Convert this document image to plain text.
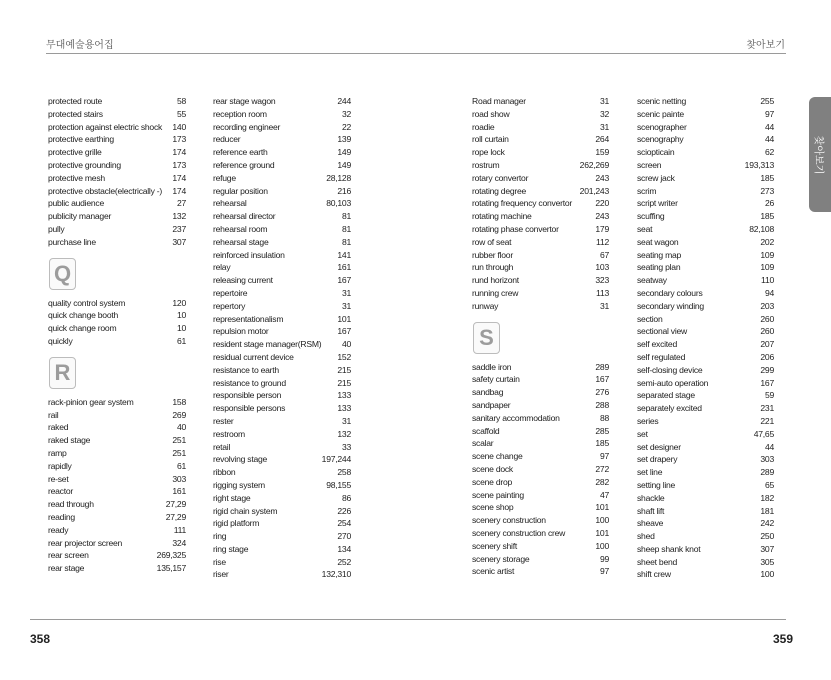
무대예술용어집	찾아보기
protected route	58
protected stairs	55
protection against electric shock 140
protective earthing	173
protective grille	174
protective grounding	173
protective mesh	174
protective obstacle(electrically -) 174
public audience	27
publicity manager	132
pully	237
purchase line	307
Q
quality control system	120
quick change booth	10
quick change room	10
quickly	61
R
rack-pinion gear system	158
rail	269
raked	40
raked stage	251
ramp	251
rapidly	61
re-set	303
reactor	161
read through	27,29
reading	27,29
ready	111
rear projector screen	324
rear screen	269,325
rear stage	135,157
rear stage wagon	244
reception room	32
recording engineer	22
reducer	139
reference earth	149
reference ground	149
refuge	28,128
regular position	216
rehearsal	80,103
rehearsal director	81
rehearsal room	81
rehearsal stage	81
reinforced insulation	141
relay	161
releasing current	167
repertoire	31
repertory	31
representationalism	101
repulsion motor	167
resident stage manager(RSM) 40
residual current device	152
resistance to earth	215
resistance to ground	215
responsible person	133
responsible persons	133
rester	31
restroom	132
retail	33
revolving stage	197,244
ribbon	258
rigging system	98,155
right stage	86
rigid chain system	226
rigid platform	254
ring	270
ring stage	134
rise	252
riser	132,310
Road manager	31
road show	32
roadie	31
roll curtain	264
rope lock	159
rostrum	262,269
rotary convertor	243
rotating degree	201,243
rotating frequency convertor	220
rotating machine	243
rotating phase convertor	179
row of seat	112
rubber floor	67
run through	103
rund horizont	323
running crew	113
runway	31
S
saddle iron	289
safety curtain	167
sandbag	276
sandpaper	288
sanitary accommodation	88
scaffold	285
scalar	185
scene change	97
scene dock	272
scene drop	282
scene painting	47
scene shop	101
scenery construction	100
scenery construction crew	101
scenery shift	100
scenery storage	99
scenic artist	97
scenic netting	255
scenic painte	97
scenographer	44
scenography	44
sciopticain	62
screen	193,313
screw jack	185
scrim	273
script writer	26
scuffing	185
seat	82,108
seat wagon	202
seating map	109
seating plan	109
seatway	110
secondary colours	94
secondary winding	203
section	260
sectional view	260
self excited	207
self regulated	206
self-closing device	299
semi-auto operation	167
separated stage	59
separately excited	231
series	221
set	47,65
set designer	44
set drapery	303
set line	289
setting line	65
shackle	182
shaft lift	181
sheave	242
shed	250
sheep shank knot	307
sheet bend	305
shift crew	100
찾아보기
358	359
